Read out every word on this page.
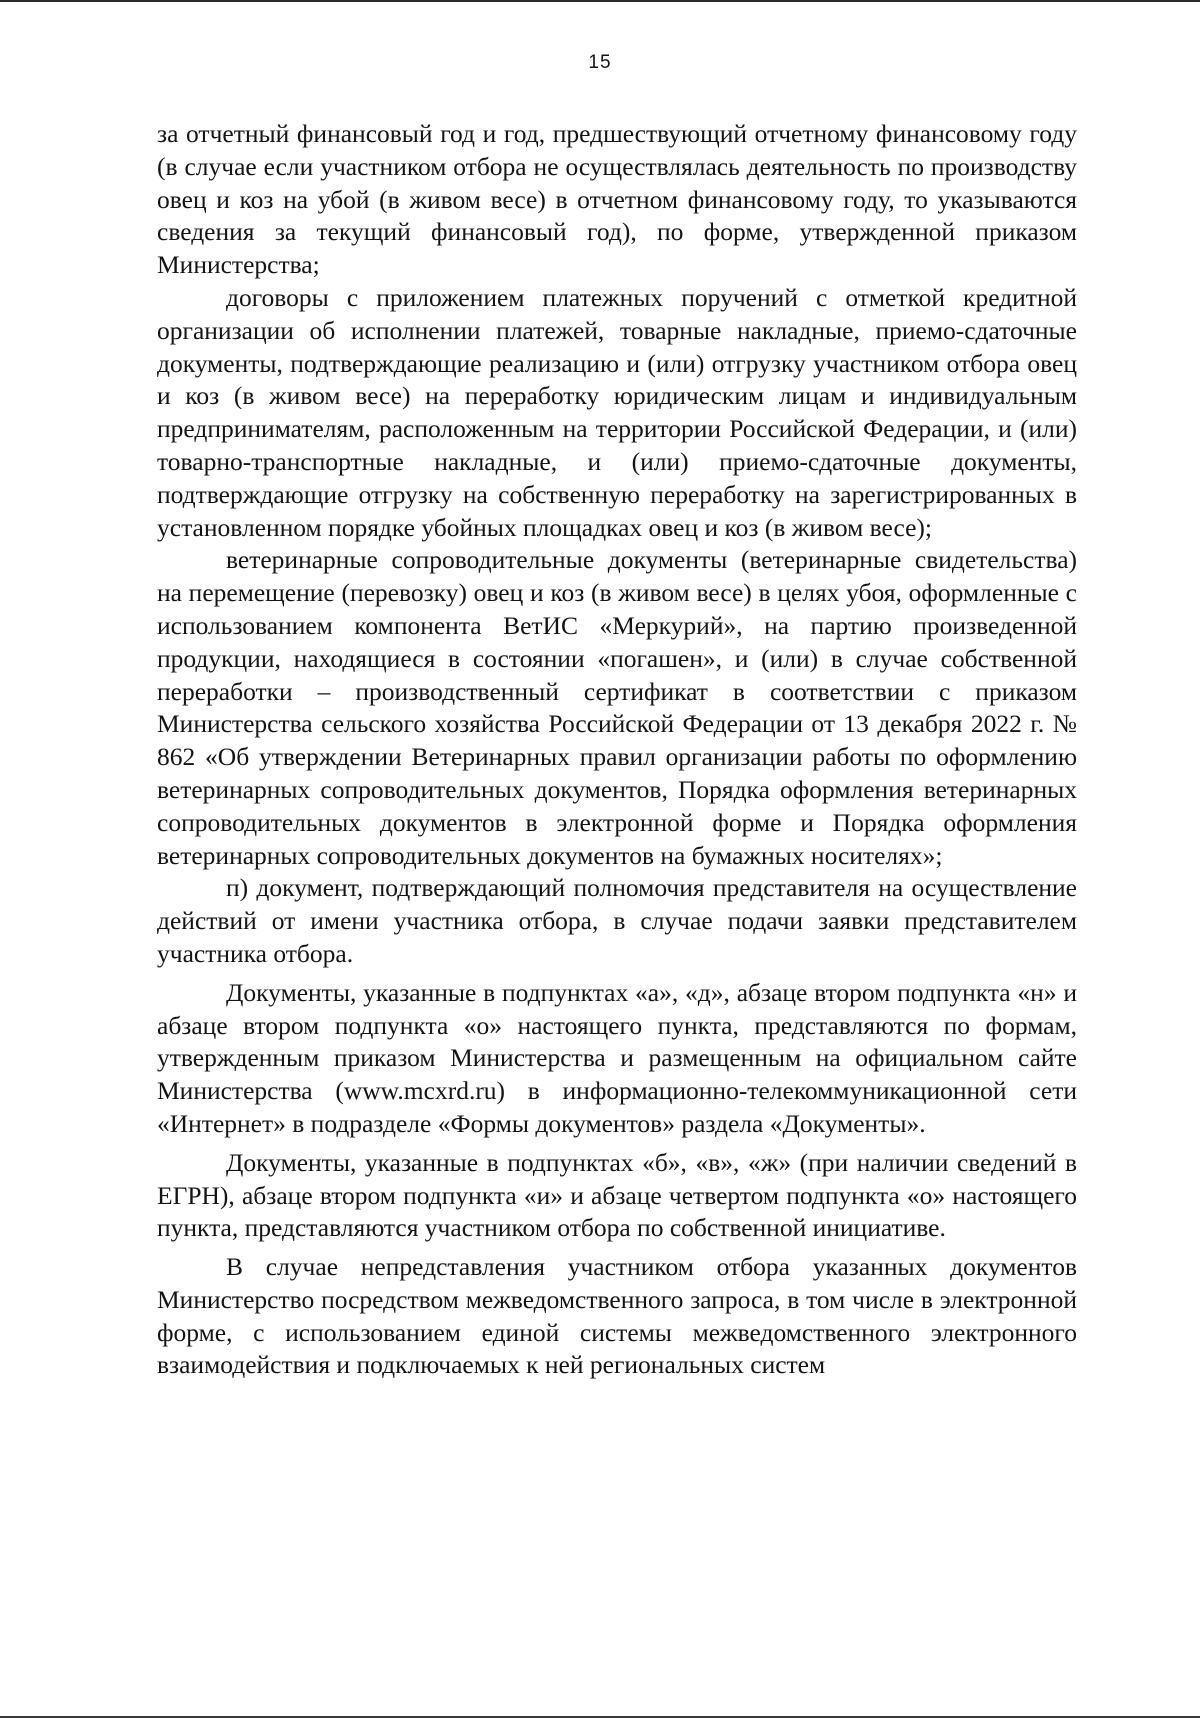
15

за отчетный финансовый год и год, предшествующий отчетному финансовому году (в случае если участником отбора не осуществлялась деятельность по производству овец и коз на убой (в живом весе) в отчетном финансовому году, то указываются сведения за текущий финансовый год), по форме, утвержденной приказом Министерства;

договоры с приложением платежных поручений с отметкой кредитной организации об исполнении платежей, товарные накладные, приемо-сдаточные документы, подтверждающие реализацию и (или) отгрузку участником отбора овец и коз (в живом весе) на переработку юридическим лицам и индивидуальным предпринимателям, расположенным на территории Российской Федерации, и (или) товарно-транспортные накладные, и (или) приемо-сдаточные документы, подтверждающие отгрузку на собственную переработку на зарегистрированных в установленном порядке убойных площадках овец и коз (в живом весе);

ветеринарные сопроводительные документы (ветеринарные свидетельства) на перемещение (перевозку) овец и коз (в живом весе) в целях убоя, оформленные с использованием компонента ВетИС «Меркурий», на партию произведенной продукции, находящиеся в состоянии «погашен», и (или) в случае собственной переработки – производственный сертификат в соответствии с приказом Министерства сельского хозяйства Российской Федерации от 13 декабря 2022 г. № 862 «Об утверждении Ветеринарных правил организации работы по оформлению ветеринарных сопроводительных документов, Порядка оформления ветеринарных сопроводительных документов в электронной форме и Порядка оформления ветеринарных сопроводительных документов на бумажных носителях»;

п) документ, подтверждающий полномочия представителя на осуществление действий от имени участника отбора, в случае подачи заявки представителем участника отбора.

Документы, указанные в подпунктах «а», «д», абзаце втором подпункта «н» и абзаце втором подпункта «о» настоящего пункта, представляются по формам, утвержденным приказом Министерства и размещенным на официальном сайте Министерства (www.mcxrd.ru) в информационно-телекоммуникационной сети «Интернет» в подразделе «Формы документов» раздела «Документы».

Документы, указанные в подпунктах «б», «в», «ж» (при наличии сведений в ЕГРН), абзаце втором подпункта «и» и абзаце четвертом подпункта «о» настоящего пункта, представляются участником отбора по собственной инициативе.

В случае непредставления участником отбора указанных документов Министерство посредством межведомственного запроса, в том числе в электронной форме, с использованием единой системы межведомственного электронного взаимодействия и подключаемых к ней региональных систем
